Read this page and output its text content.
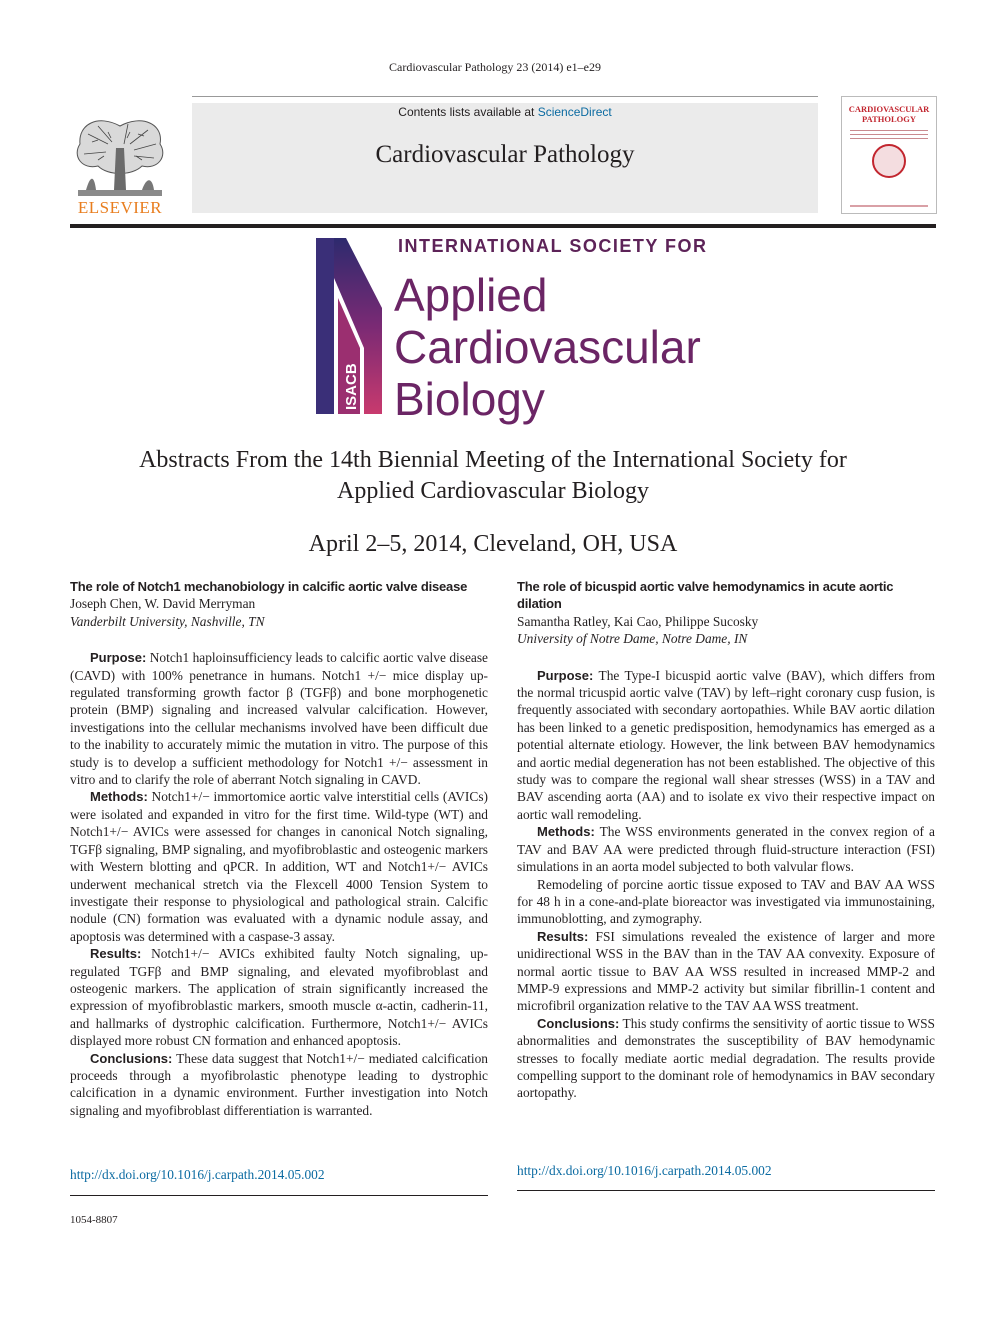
Cardiovascular Pathology 23 (2014) e1–e29
ELSEVIER
Contents lists available at ScienceDirect
Cardiovascular Pathology
CARDIOVASCULAR PATHOLOGY
ISACB
INTERNATIONAL SOCIETY FOR
Applied
Cardiovascular
Biology
Abstracts From the 14th Biennial Meeting of the International Society for Applied Cardiovascular Biology
April 2–5, 2014, Cleveland, OH, USA
The role of Notch1 mechanobiology in calcific aortic valve disease
Joseph Chen, W. David Merryman
Vanderbilt University, Nashville, TN

Purpose: Notch1 haploinsufficiency leads to calcific aortic valve disease (CAVD) with 100% penetrance in humans. Notch1 +/− mice display up-regulated transforming growth factor β (TGFβ) and bone morphogenetic protein (BMP) signaling and increased valvular calcification. However, investigations into the cellular mechanisms involved have been difficult due to the inability to accurately mimic the mutation in vitro. The purpose of this study is to develop a sufficient methodology for Notch1 +/− assessment in vitro and to clarify the role of aberrant Notch signaling in CAVD.

Methods: Notch1+/− immortomice aortic valve interstitial cells (AVICs) were isolated and expanded in vitro for the first time. Wild-type (WT) and Notch1+/− AVICs were assessed for changes in canonical Notch signaling, TGFβ signaling, BMP signaling, and myofibroblastic and osteogenic markers with Western blotting and qPCR. In addition, WT and Notch1+/− AVICs underwent mechanical stretch via the Flexcell 4000 Tension System to investigate their response to physiological and pathological strain. Calcific nodule (CN) formation was evaluated with a dynamic nodule assay, and apoptosis was determined with a caspase-3 assay.

Results: Notch1+/− AVICs exhibited faulty Notch signaling, up-regulated TGFβ and BMP signaling, and elevated myofibroblast and osteogenic markers. The application of strain significantly increased the expression of myofibroblastic markers, smooth muscle α-actin, cadherin-11, and hallmarks of dystrophic calcification. Furthermore, Notch1+/− AVICs displayed more robust CN formation and enhanced apoptosis.

Conclusions: These data suggest that Notch1+/− mediated calcification proceeds through a myofibrolastic phenotype leading to dystrophic calcification in a dynamic environment. Further investigation into Notch signaling and myofibroblast differentiation is warranted.

http://dx.doi.org/10.1016/j.carpath.2014.05.002
The role of bicuspid aortic valve hemodynamics in acute aortic dilation
Samantha Ratley, Kai Cao, Philippe Sucosky
University of Notre Dame, Notre Dame, IN

Purpose: The Type-I bicuspid aortic valve (BAV), which differs from the normal tricuspid aortic valve (TAV) by left–right coronary cusp fusion, is frequently associated with secondary aortopathies. While BAV aortic dilation has been linked to a genetic predisposition, hemodynamics has emerged as a potential alternate etiology. However, the link between BAV hemodynamics and aortic medial degeneration has not been established. The objective of this study was to compare the regional wall shear stresses (WSS) in a TAV and BAV ascending aorta (AA) and to isolate ex vivo their respective impact on aortic wall remodeling.

Methods: The WSS environments generated in the convex region of a TAV and BAV AA were predicted through fluid-structure interaction (FSI) simulations in an aorta model subjected to both valvular flows.

Remodeling of porcine aortic tissue exposed to TAV and BAV AA WSS for 48 h in a cone-and-plate bioreactor was investigated via immunostaining, immunoblotting, and zymography.

Results: FSI simulations revealed the existence of larger and more unidirectional WSS in the BAV than in the TAV AA convexity. Exposure of normal aortic tissue to BAV AA WSS resulted in increased MMP-2 and MMP-9 expressions and MMP-2 activity but similar fibrillin-1 content and microfibril organization relative to the TAV AA WSS treatment.

Conclusions: This study confirms the sensitivity of aortic tissue to WSS abnormalities and demonstrates the susceptibility of BAV hemodynamic stresses to focally mediate aortic medial degradation. The results provide compelling support to the dominant role of hemodynamics in BAV secondary aortopathy.

http://dx.doi.org/10.1016/j.carpath.2014.05.002
1054-8807
